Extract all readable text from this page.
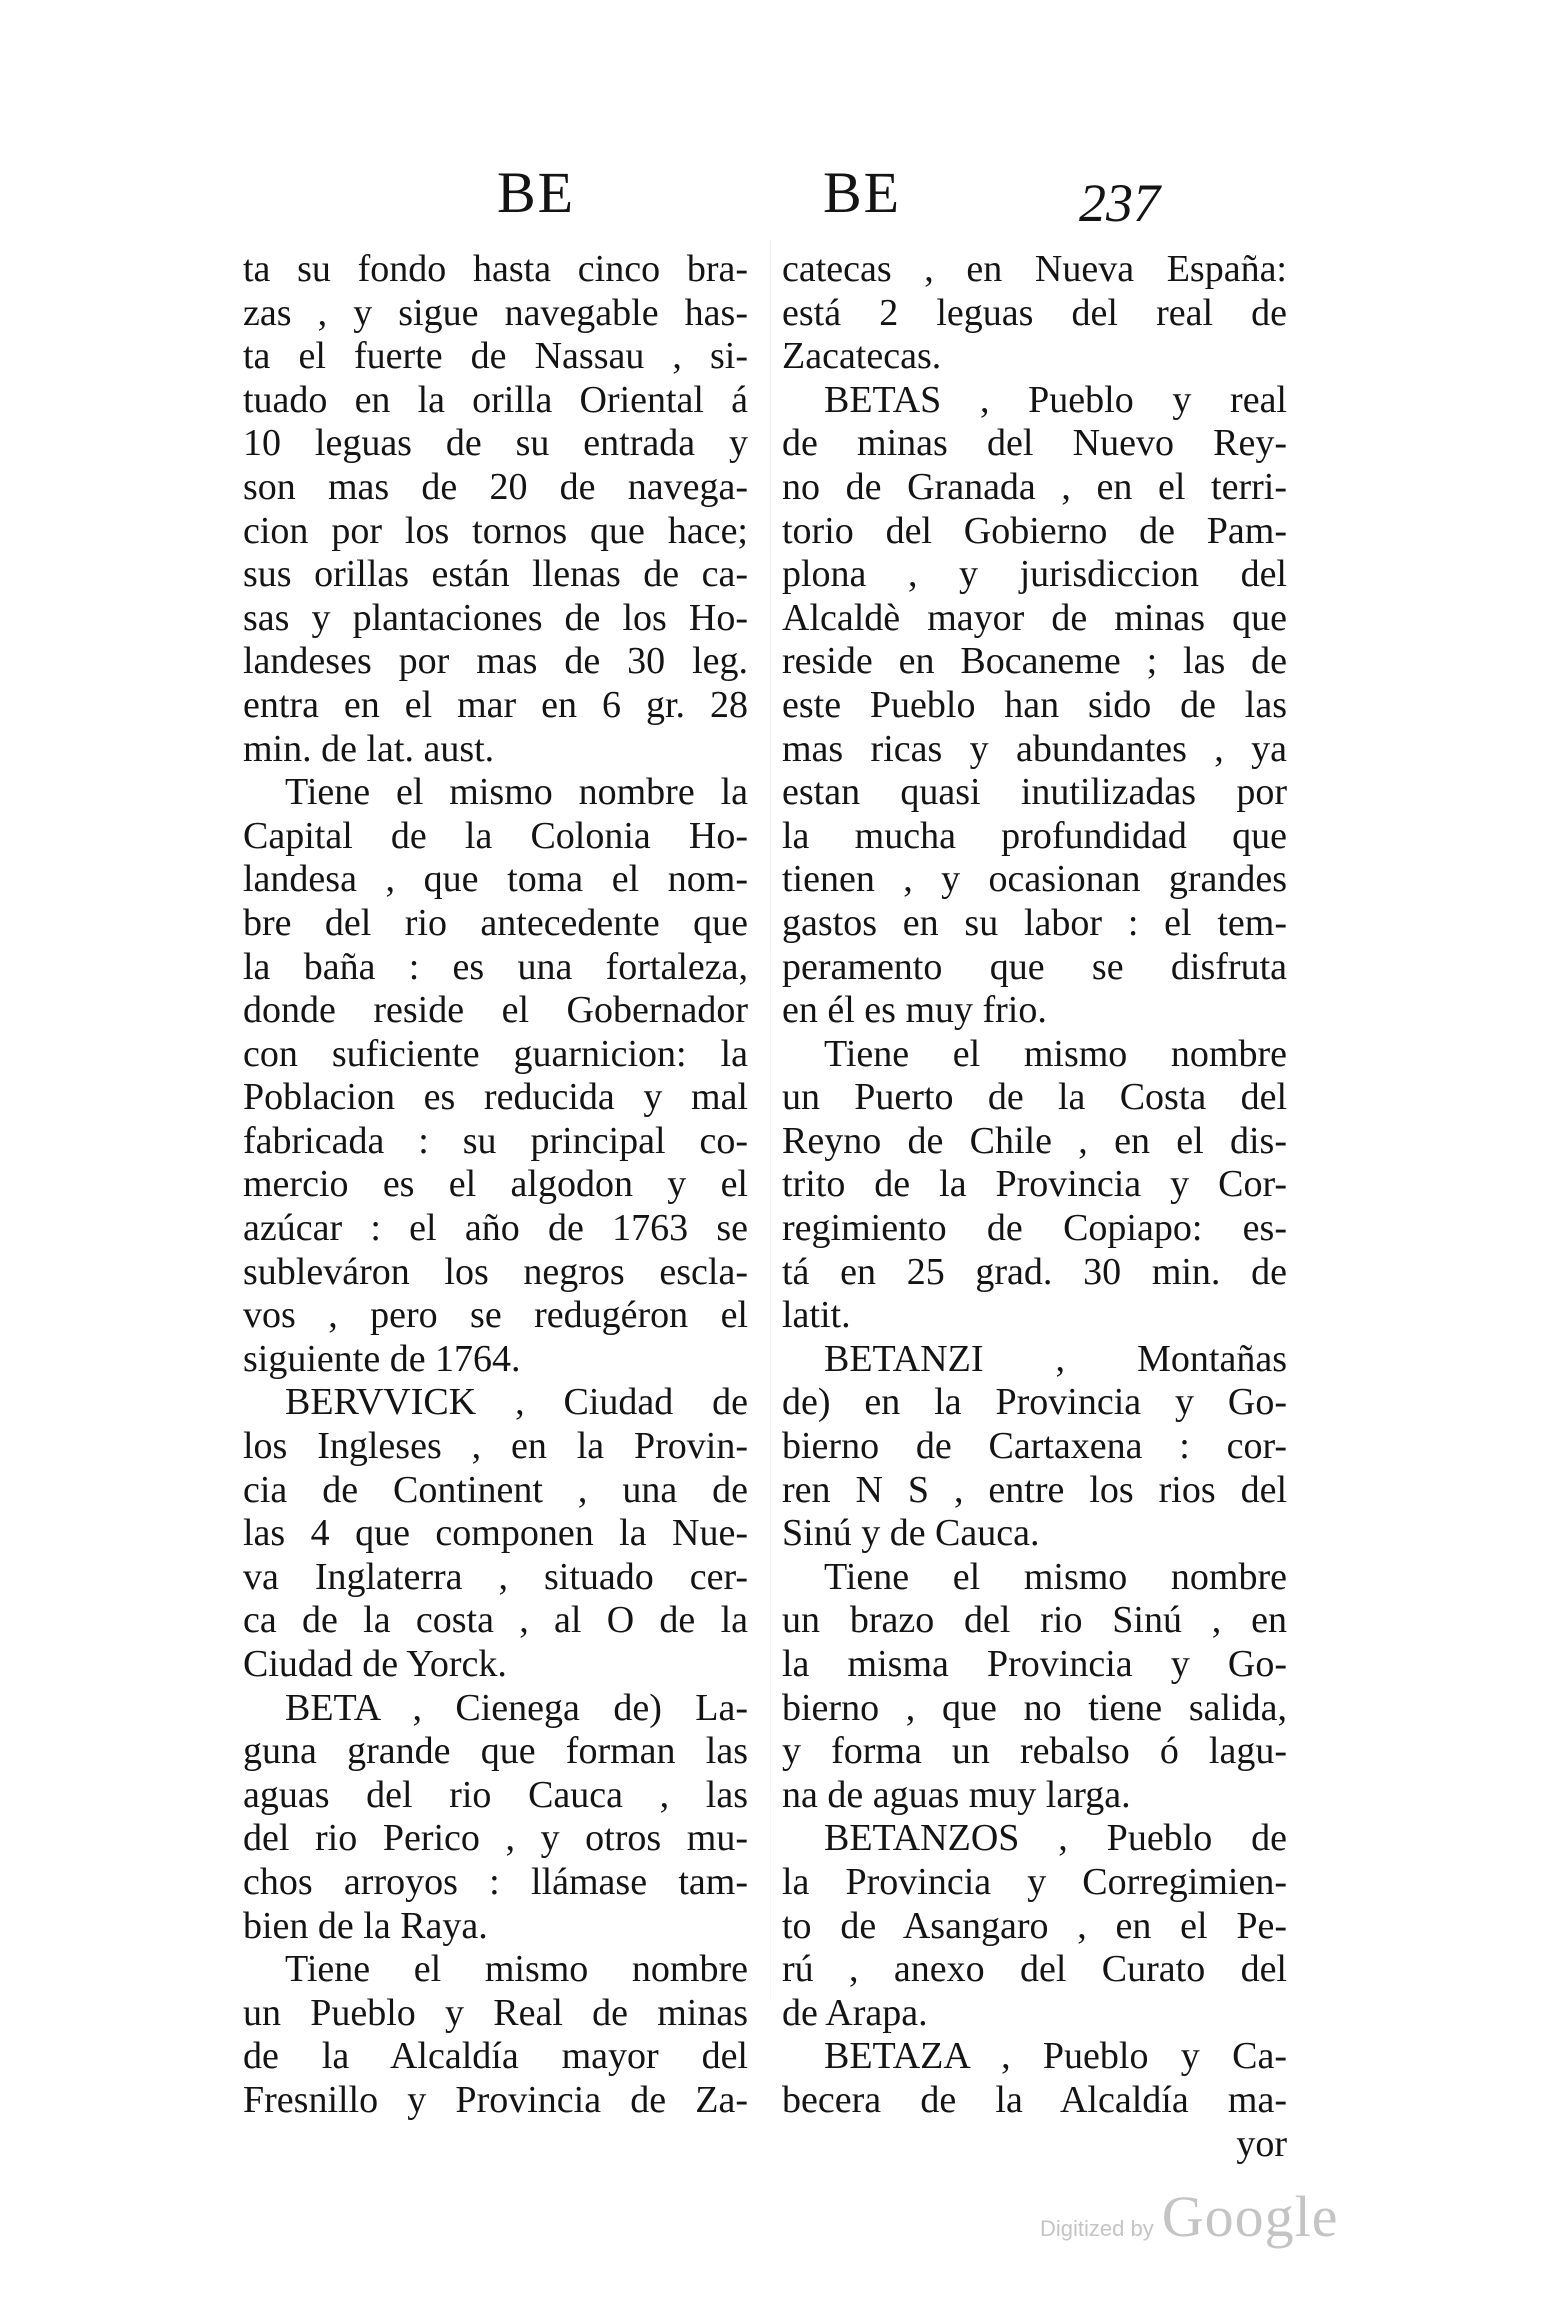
BE	BE	237
ta su fondo hasta cinco bra-
zas , y sigue navegable has-
ta el fuerte de Nassau , si-
tuado en la orilla Oriental á
10 leguas de su entrada y
son mas de 20 de navega-
cion por los tornos que hace;
sus orillas están llenas de ca-
sas y plantaciones de los Ho-
landeses por mas de 30 leg.
entra en el mar en 6 gr. 28
min. de lat. aust.
Tiene el mismo nombre la
Capital de la Colonia Ho-
landesa , que toma el nom-
bre del rio antecedente que
la baña : es una fortaleza,
donde reside el Gobernador
con suficiente guarnicion: la
Poblacion es reducida y mal
fabricada : su principal co-
mercio es el algodon y el
azúcar : el año de 1763 se
subleváron los negros escla-
vos , pero se redugéron el
siguiente de 1764.
BERVVICK , Ciudad de
los Ingleses , en la Provin-
cia de Continent , una de
las 4 que componen la Nue-
va Inglaterra , situado cer-
ca de la costa , al O de la
Ciudad de Yorck.
BETA , Cienega de) La-
guna grande que forman las
aguas del rio Cauca , las
del rio Perico , y otros mu-
chos arroyos : llámase tam-
bien de la Raya.
Tiene el mismo nombre
un Pueblo y Real de minas
de la Alcaldía mayor del
Fresnillo y Provincia de Za-
catecas , en Nueva España:
está 2 leguas del real de
Zacatecas.
BETAS , Pueblo y real
de minas del Nuevo Rey-
no de Granada , en el terri-
torio del Gobierno de Pam-
plona , y jurisdiccion del
Alcaldè mayor de minas que
reside en Bocaneme ; las de
este Pueblo han sido de las
mas ricas y abundantes , ya
estan quasi inutilizadas por
la mucha profundidad que
tienen , y ocasionan grandes
gastos en su labor : el tem-
peramento que se disfruta
en él es muy frio.
Tiene el mismo nombre
un Puerto de la Costa del
Reyno de Chile , en el dis-
trito de la Provincia y Cor-
regimiento de Copiapo: es-
tá en 25 grad. 30 min. de
latit.
BETANZI , Montañas
de) en la Provincia y Go-
bierno de Cartaxena : cor-
ren N S , entre los rios del
Sinú y de Cauca.
Tiene el mismo nombre
un brazo del rio Sinú , en
la misma Provincia y Go-
bierno , que no tiene salida,
y forma un rebalso ó lagu-
na de aguas muy larga.
BETANZOS , Pueblo de
la Provincia y Corregimien-
to de Asangaro , en el Pe-
rú , anexo del Curato del
de Arapa.
BETAZA , Pueblo y Ca-
becera de la Alcaldía ma-
yor
Digitized by Google
